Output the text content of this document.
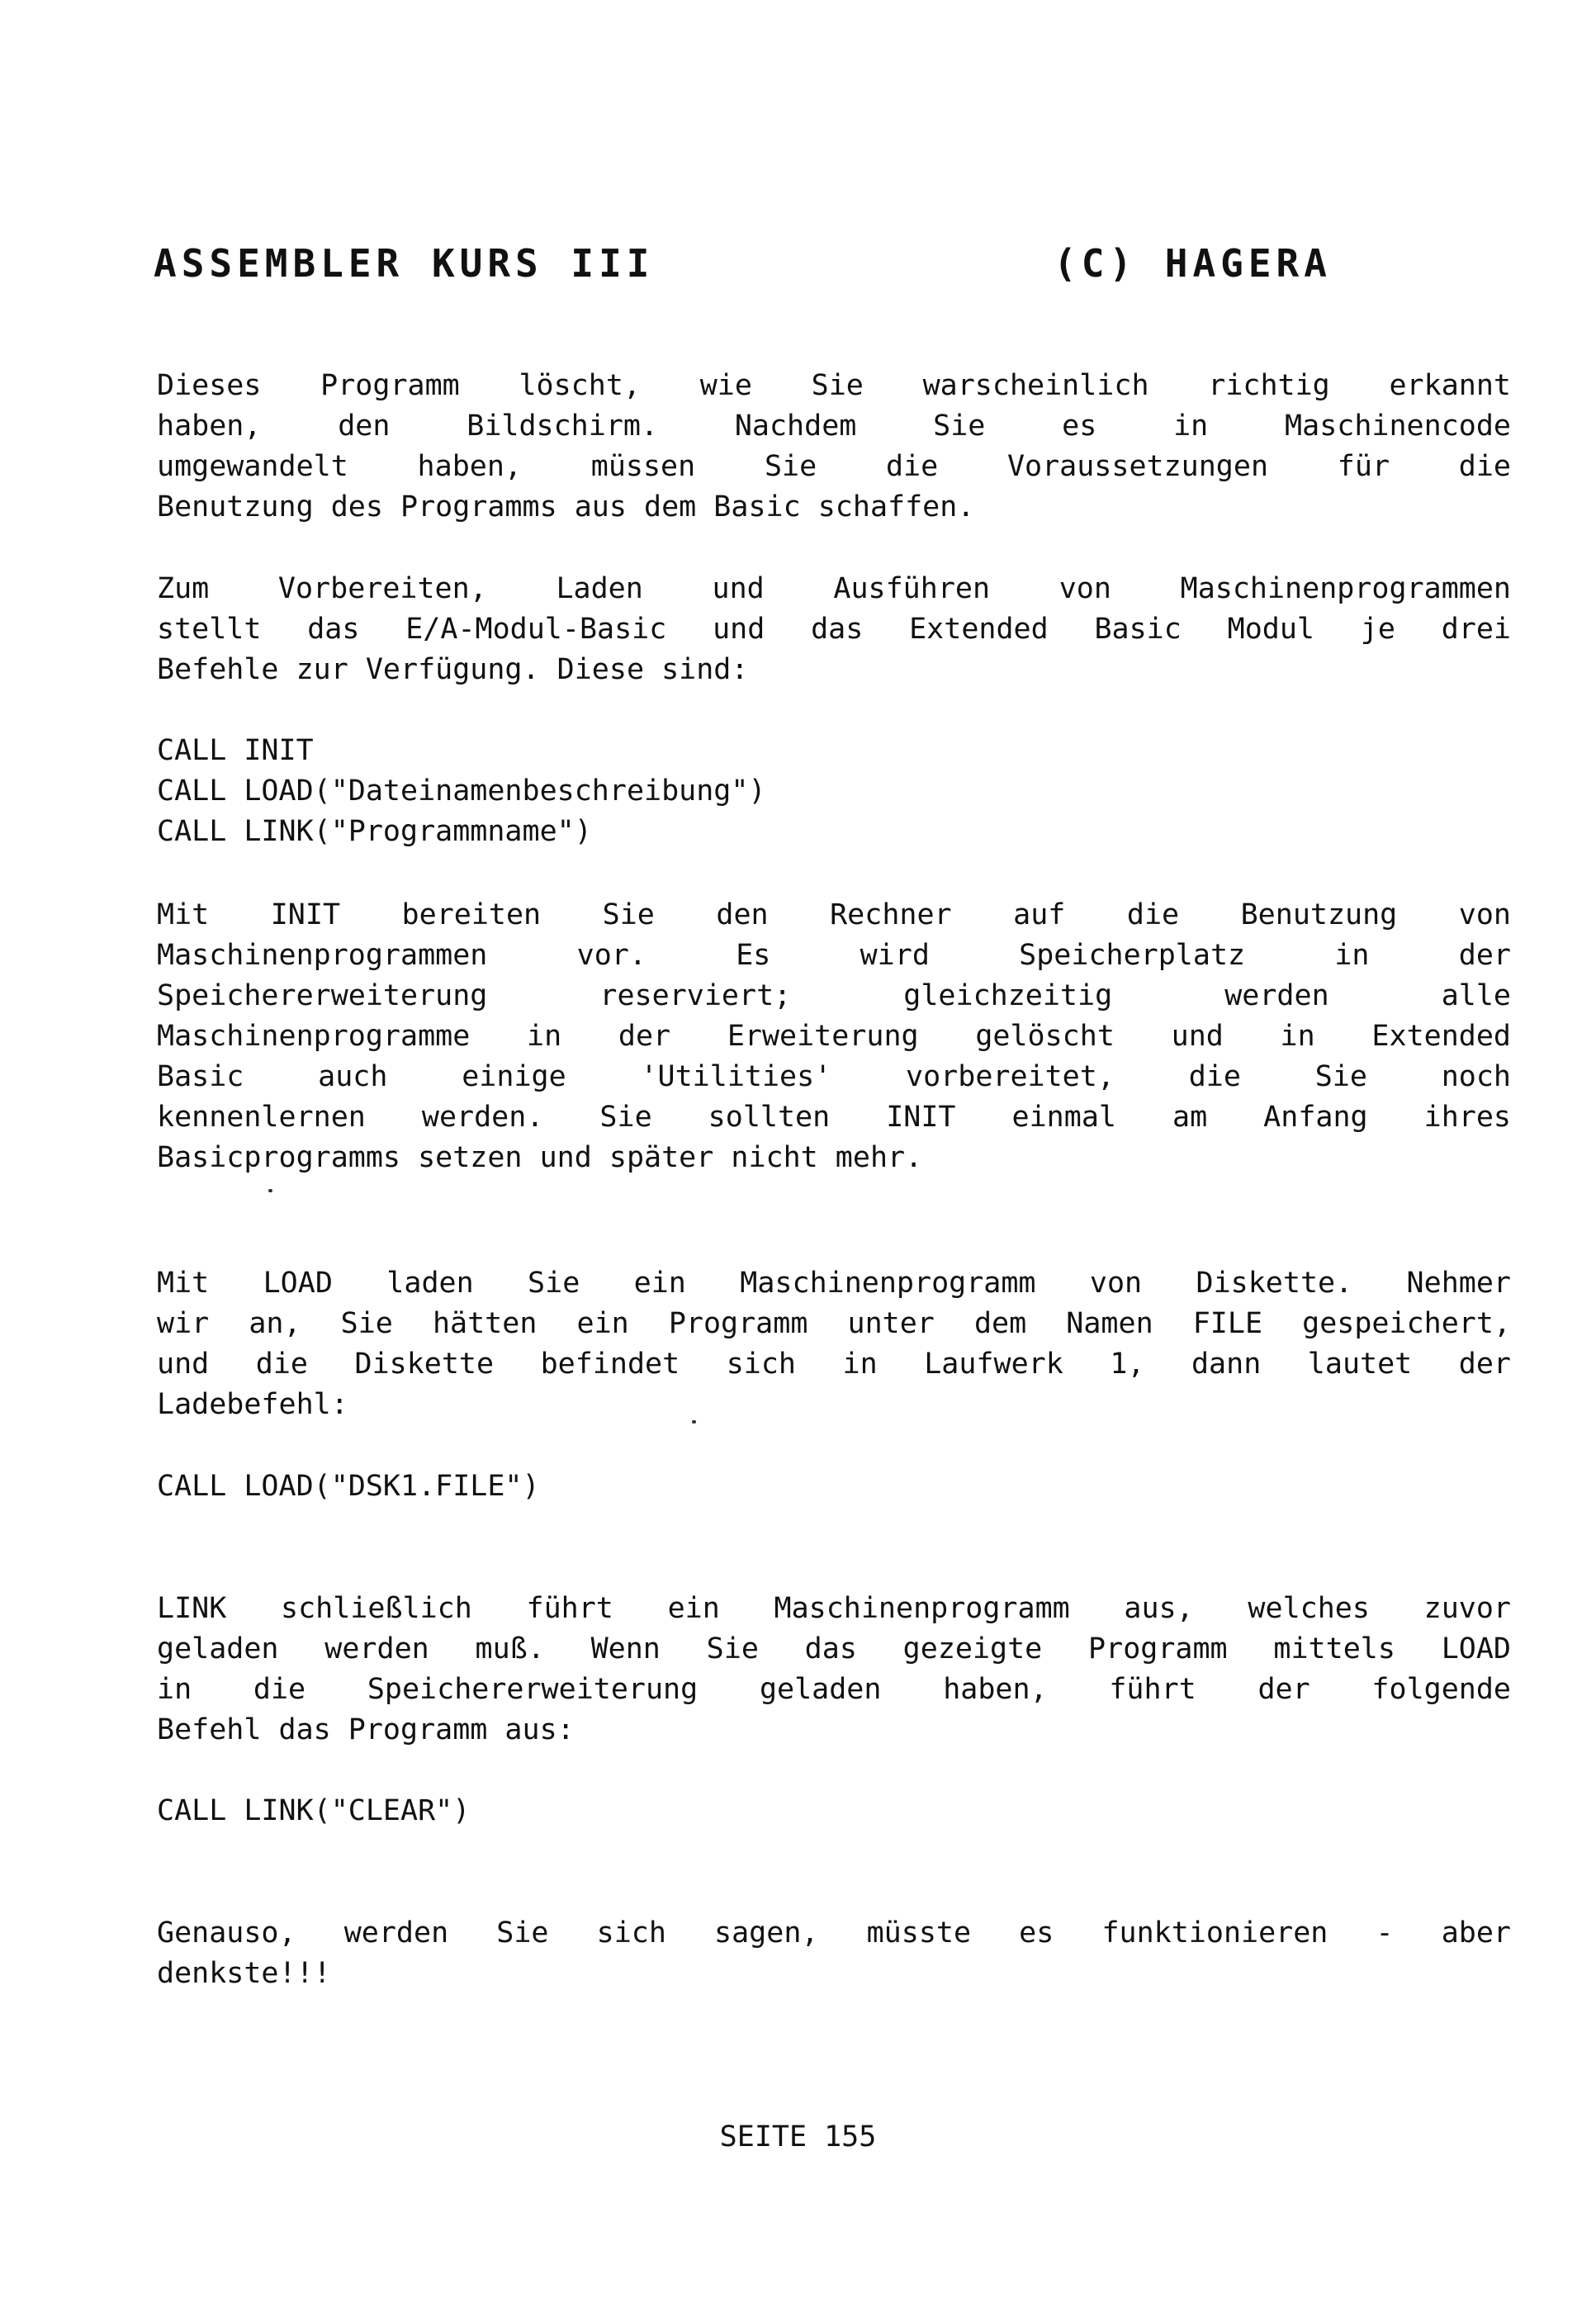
ASSEMBLER KURS III	(C) HAGERA
Dieses Programm löscht, wie Sie warscheinlich richtig erkannt
haben, den Bildschirm. Nachdem Sie es in Maschinencode
umgewandelt haben, müssen Sie die Voraussetzungen für die
Benutzung des Programms aus dem Basic schaffen.
Zum Vorbereiten, Laden und Ausführen von Maschinenprogrammen
stellt das E/A-Modul-Basic und das Extended Basic Modul je drei
Befehle zur Verfügung. Diese sind:
CALL INIT
CALL LOAD("Dateinamenbeschreibung")
CALL LINK("Programmname")
Mit INIT bereiten Sie den Rechner auf die Benutzung von
Maschinenprogrammen vor. Es wird Speicherplatz in der
Speichererweiterung reserviert; gleichzeitig werden alle
Maschinenprogramme in der Erweiterung gelöscht und in Extended
Basic auch einige 'Utilities' vorbereitet, die Sie noch
kennenlernen werden. Sie sollten INIT einmal am Anfang ihres
Basicprogramms setzen und später nicht mehr.
Mit LOAD laden Sie ein Maschinenprogramm von Diskette. Nehmer
wir an, Sie hätten ein Programm unter dem Namen FILE gespeichert,
und die Diskette befindet sich in Laufwerk 1, dann lautet der
Ladebefehl:
CALL LOAD("DSK1.FILE")
LINK schließlich führt ein Maschinenprogramm aus, welches zuvor
geladen werden muß. Wenn Sie das gezeigte Programm mittels LOAD
in die Speichererweiterung geladen haben, führt der folgende
Befehl das Programm aus:
CALL LINK("CLEAR")
Genauso, werden Sie sich sagen, müsste es funktionieren - aber
denkste!!!
SEITE 155
